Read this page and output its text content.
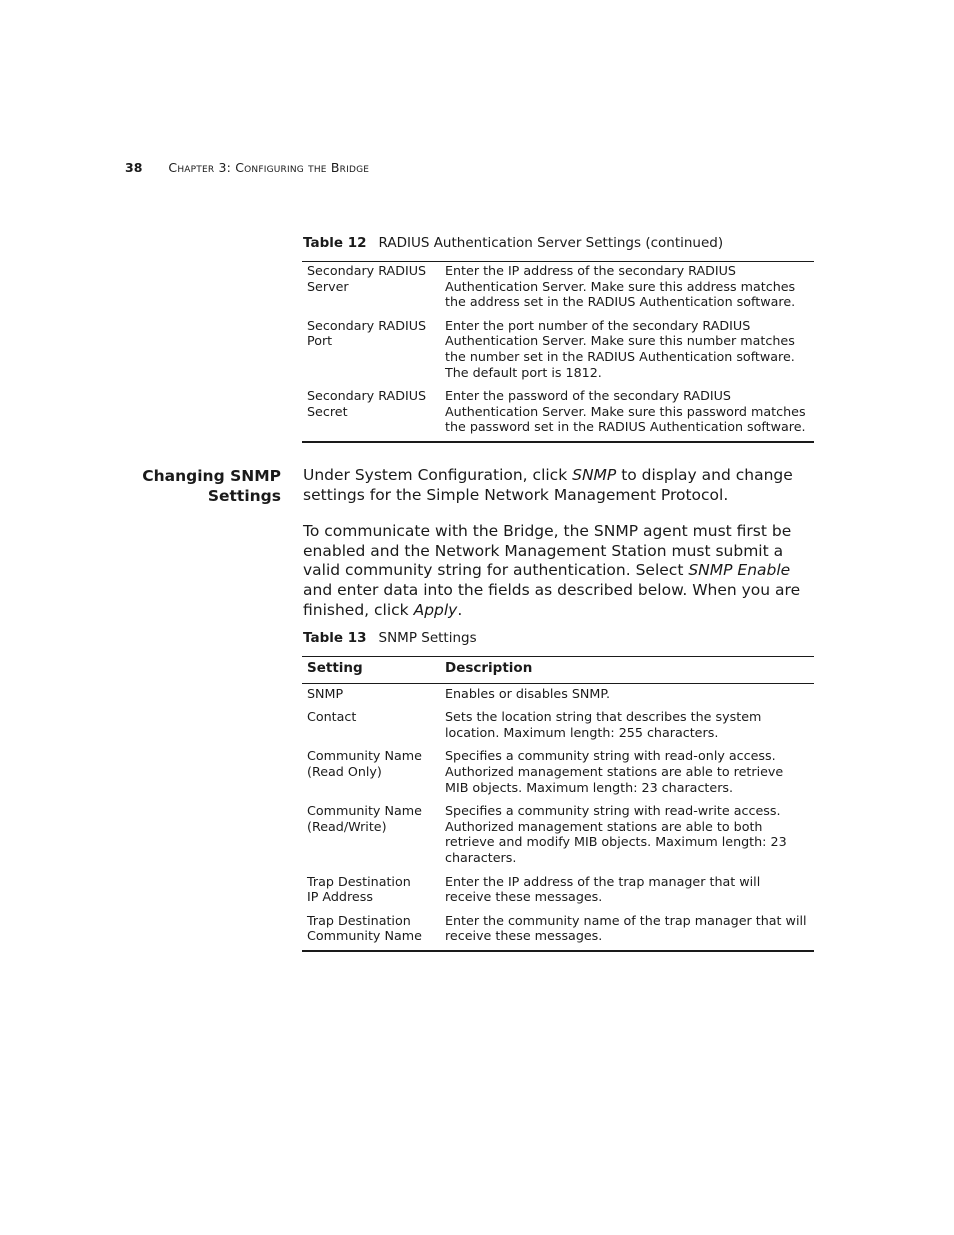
38 Chapter 3: Configuring the Bridge
Table 12 RADIUS Authentication Server Settings (continued)
Secondary RADIUS Server	Enter the IP address of the secondary RADIUS Authentication Server. Make sure this address matches the address set in the RADIUS Authentication software.
Secondary RADIUS Port	Enter the port number of the secondary RADIUS Authentication Server. Make sure this number matches the number set in the RADIUS Authentication software. The default port is 1812.
Secondary RADIUS Secret	Enter the password of the secondary RADIUS Authentication Server. Make sure this password matches the password set in the RADIUS Authentication software.
Changing SNMP
Settings

Under System Configuration, click SNMP to display and change settings for the Simple Network Management Protocol.

To communicate with the Bridge, the SNMP agent must first be enabled and the Network Management Station must submit a valid community string for authentication. Select SNMP Enable and enter data into the fields as described below. When you are finished, click Apply.

Table 13 SNMP Settings
Setting	Description

SNMP	Enables or disables SNMP.

Contact	Sets the location string that describes the system location. Maximum length: 255 characters.

Community Name
(Read Only)	Specifies a community string with read-only access. Authorized management stations are able to retrieve MIB objects. Maximum length: 23 characters.

Community Name
(Read/Write)	Specifies a community string with read-write access. Authorized management stations are able to both retrieve and modify MIB objects. Maximum length: 23 characters.

Trap Destination
IP Address	Enter the IP address of the trap manager that will receive these messages.

Trap Destination
Community Name	Enter the community name of the trap manager that will receive these messages.
